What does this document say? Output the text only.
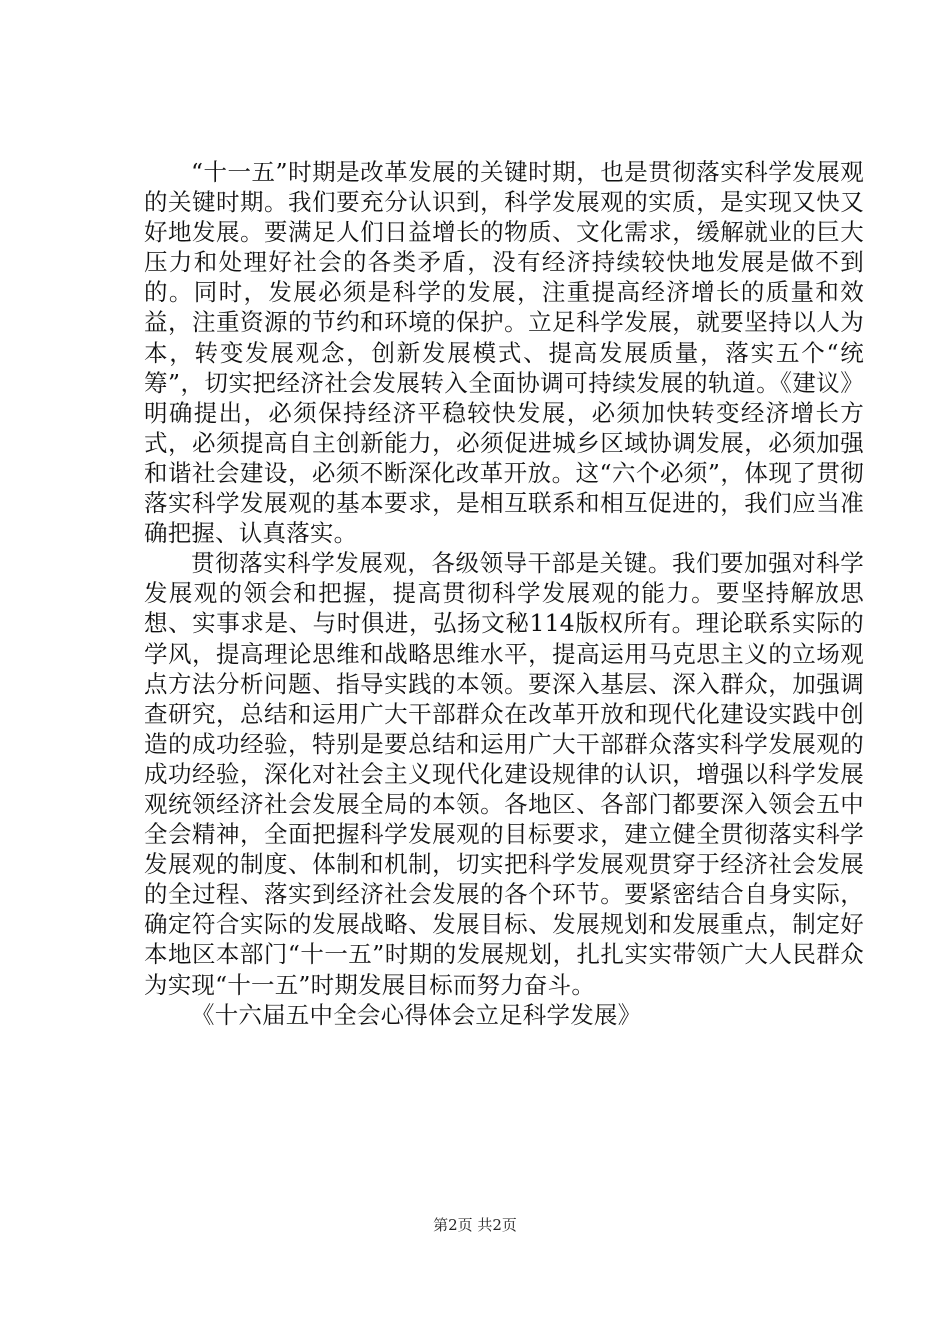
“十一五”时期是改革发展的关键时期，也是贯彻落实科学发展观的关键时期。我们要充分认识到，科学发展观的实质，是实现又快又好地发展。要满足人们日益增长的物质、文化需求，缓解就业的巨大压力和处理好社会的各类矛盾，没有经济持续较快地发展是做不到的。同时，发展必须是科学的发展，注重提高经济增长的质量和效益，注重资源的节约和环境的保护。立足科学发展，就要坚持以人为本，转变发展观念，创新发展模式、提高发展质量，落实五个“统筹”，切实把经济社会发展转入全面协调可持续发展的轨道。《建议》明确提出，必须保持经济平稳较快发展，必须加快转变经济增长方式，必须提高自主创新能力，必须促进城乡区域协调发展，必须加强和谐社会建设，必须不断深化改革开放。这“六个必须”，体现了贯彻落实科学发展观的基本要求，是相互联系和相互促进的，我们应当准确把握、认真落实。

贯彻落实科学发展观，各级领导干部是关键。我们要加强对科学发展观的领会和把握，提高贯彻科学发展观的能力。要坚持解放思想、实事求是、与时俱进，弘扬文秘114版权所有。理论联系实际的学风，提高理论思维和战略思维水平，提高运用马克思主义的立场观点方法分析问题、指导实践的本领。要深入基层、深入群众，加强调查研究，总结和运用广大干部群众在改革开放和现代化建设实践中创造的成功经验，特别是要总结和运用广大干部群众落实科学发展观的成功经验，深化对社会主义现代化建设规律的认识，增强以科学发展观统领经济社会发展全局的本领。各地区、各部门都要深入领会五中全会精神，全面把握科学发展观的目标要求，建立健全贯彻落实科学发展观的制度、体制和机制，切实把科学发展观贯穿于经济社会发展的全过程、落实到经济社会发展的各个环节。要紧密结合自身实际，确定符合实际的发展战略、发展目标、发展规划和发展重点，制定好本地区本部门“十一五”时期的发展规划，扎扎实实带领广大人民群众为实现“十一五”时期发展目标而努力奋斗。

《十六届五中全会心得体会立足科学发展》

第2页 共2页
